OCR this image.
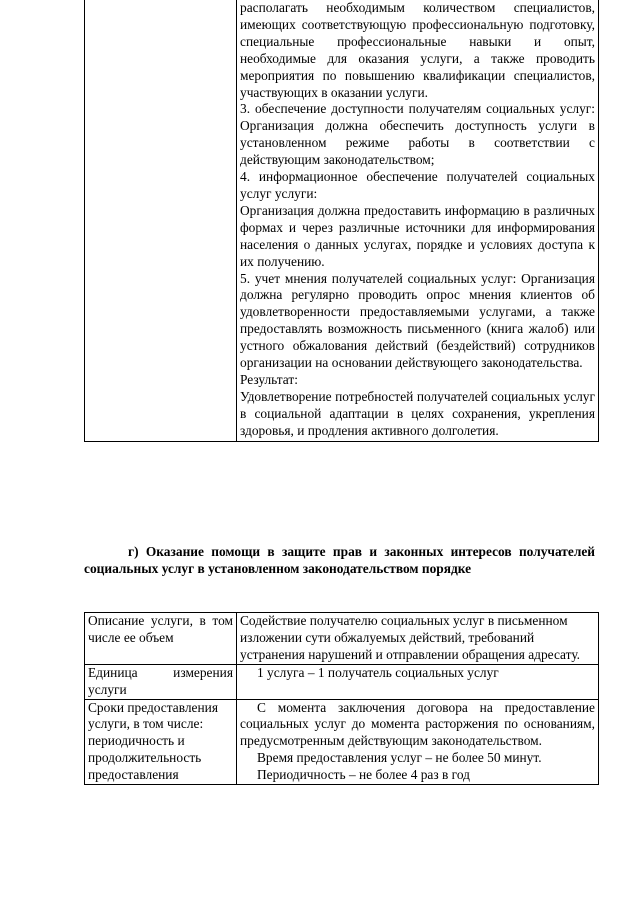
располагать необходимым количеством специалистов, имеющих соответствующую профессиональную подготовку, специальные профессиональные навыки и опыт, необходимые для оказания услуги, а также проводить мероприятия по повышению квалификации специалистов, участвующих в оказании услуги.

3. обеспечение доступности получателям социальных услуг: Организация должна обеспечить доступность услуги в установленном режиме работы в соответствии с действующим законодательством;

4. информационное обеспечение получателей социальных услуг услуги:

Организация должна предоставить информацию в различных формах и через различные источники для информирования населения о данных услугах, порядке и условиях доступа к их получению.

5. учет мнения получателей социальных услуг: Организация должна регулярно проводить опрос мнения клиентов об удовлетворенности предоставляемыми услугами, а также предоставлять возможность письменного (книга жалоб) или устного обжалования действий (бездействий) сотрудников организации на основании действующего законодательства.

Результат:

Удовлетворение потребностей получателей социальных услуг в социальной адаптации в целях сохранения, укрепления здоровья, и продления активного долголетия.

г) Оказание помощи в защите прав и законных интересов получателей социальных услуг в установленном законодательством порядке

Описание услуги, в том числе ее объем	Содействие получателю социальных услуг в письменном изложении сути обжалуемых действий, требований устранения нарушений и отправлении обращения адресату.

Единица измерения услуги	1 услуга – 1 получатель социальных услуг

Сроки предоставления услуги, в том числе: периодичность и продолжительность предоставления	С момента заключения договора на предоставление социальных услуг до момента расторжения по основаниям, предусмотренным действующим законодательством.

Время предоставления услуг – не более 50 минут.

Периодичность – не более 4 раз в год
